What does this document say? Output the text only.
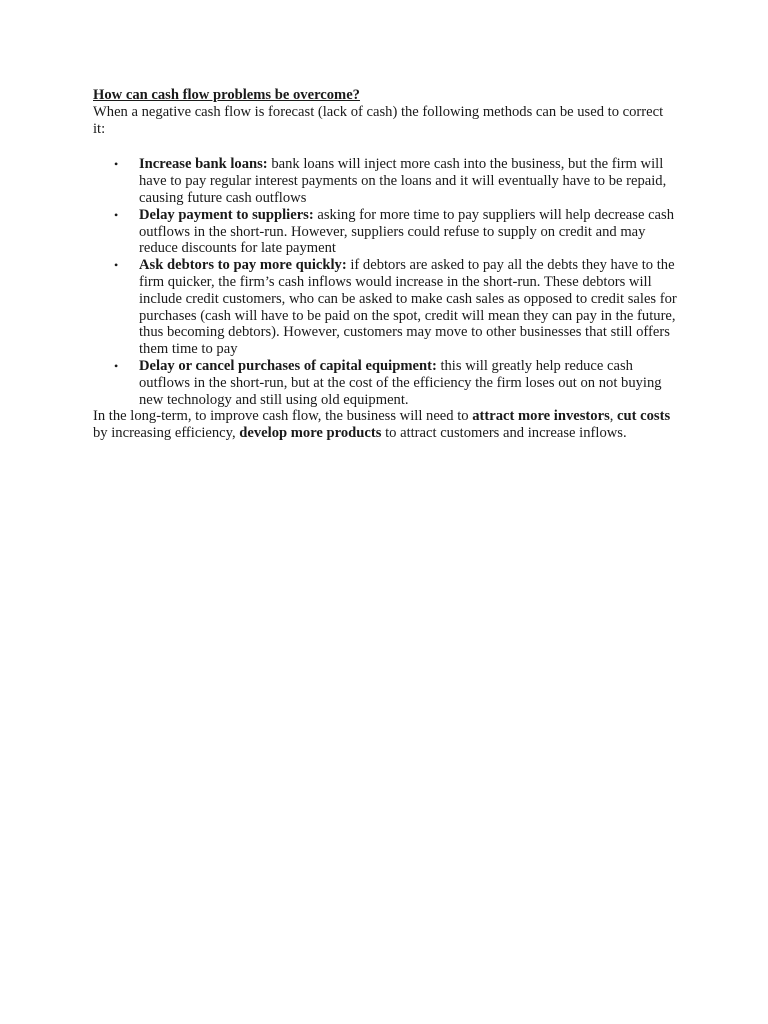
How can cash flow problems be overcome?

When a negative cash flow is forecast (lack of cash) the following methods can be used to correct it:

• Increase bank loans: bank loans will inject more cash into the business, but the firm will have to pay regular interest payments on the loans and it will eventually have to be repaid, causing future cash outflows
• Delay payment to suppliers: asking for more time to pay suppliers will help decrease cash outflows in the short-run. However, suppliers could refuse to supply on credit and may reduce discounts for late payment
• Ask debtors to pay more quickly: if debtors are asked to pay all the debts they have to the firm quicker, the firm’s cash inflows would increase in the short-run. These debtors will include credit customers, who can be asked to make cash sales as opposed to credit sales for purchases (cash will have to be paid on the spot, credit will mean they can pay in the future, thus becoming debtors). However, customers may move to other businesses that still offers them time to pay
• Delay or cancel purchases of capital equipment: this will greatly help reduce cash outflows in the short-run, but at the cost of the efficiency the firm loses out on not buying new technology and still using old equipment.

In the long-term, to improve cash flow, the business will need to attract more investors, cut costs by increasing efficiency, develop more products to attract customers and increase inflows.
